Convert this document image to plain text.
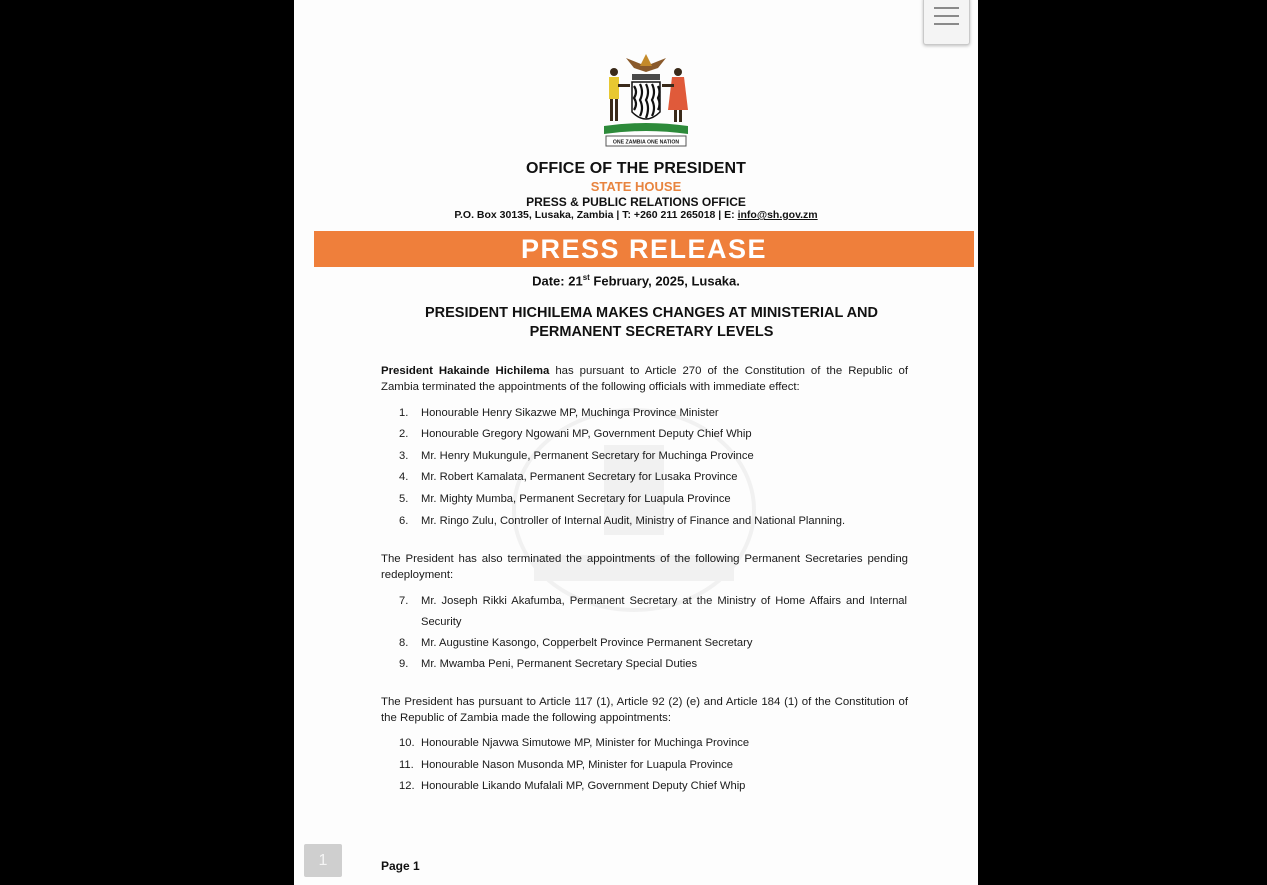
ONE ZAMBIA ONE NATION
OFFICE OF THE PRESIDENT
STATE HOUSE
PRESS & PUBLIC RELATIONS OFFICE
P.O. Box 30135, Lusaka, Zambia | T: +260 211 265018 | E: info@sh.gov.zm
PRESS RELEASE
Date: 21st February, 2025, Lusaka.
PRESIDENT HICHILEMA MAKES CHANGES AT MINISTERIAL AND
PERMANENT SECRETARY LEVELS
President Hakainde Hichilema has pursuant to Article 270 of the Constitution of the Republic of Zambia terminated the appointments of the following officials with immediate effect:
1. Honourable Henry Sikazwe MP, Muchinga Province Minister
2. Honourable Gregory Ngowani MP, Government Deputy Chief Whip
3. Mr. Henry Mukungule, Permanent Secretary for Muchinga Province
4. Mr. Robert Kamalata, Permanent Secretary for Lusaka Province
5. Mr. Mighty Mumba, Permanent Secretary for Luapula Province
6. Mr. Ringo Zulu, Controller of Internal Audit, Ministry of Finance and National Planning.
The President has also terminated the appointments of the following Permanent Secretaries pending redeployment:
7. Mr. Joseph Rikki Akafumba, Permanent Secretary at the Ministry of Home Affairs and Internal Security
8. Mr. Augustine Kasongo, Copperbelt Province Permanent Secretary
9. Mr. Mwamba Peni, Permanent Secretary Special Duties
The President has pursuant to Article 117 (1), Article 92 (2) (e) and Article 184 (1) of the Constitution of the Republic of Zambia made the following appointments:
10. Honourable Njavwa Simutowe MP, Minister for Muchinga Province
11. Honourable Nason Musonda MP, Minister for Luapula Province
12. Honourable Likando Mufalali MP, Government Deputy Chief Whip
Page 1
1
